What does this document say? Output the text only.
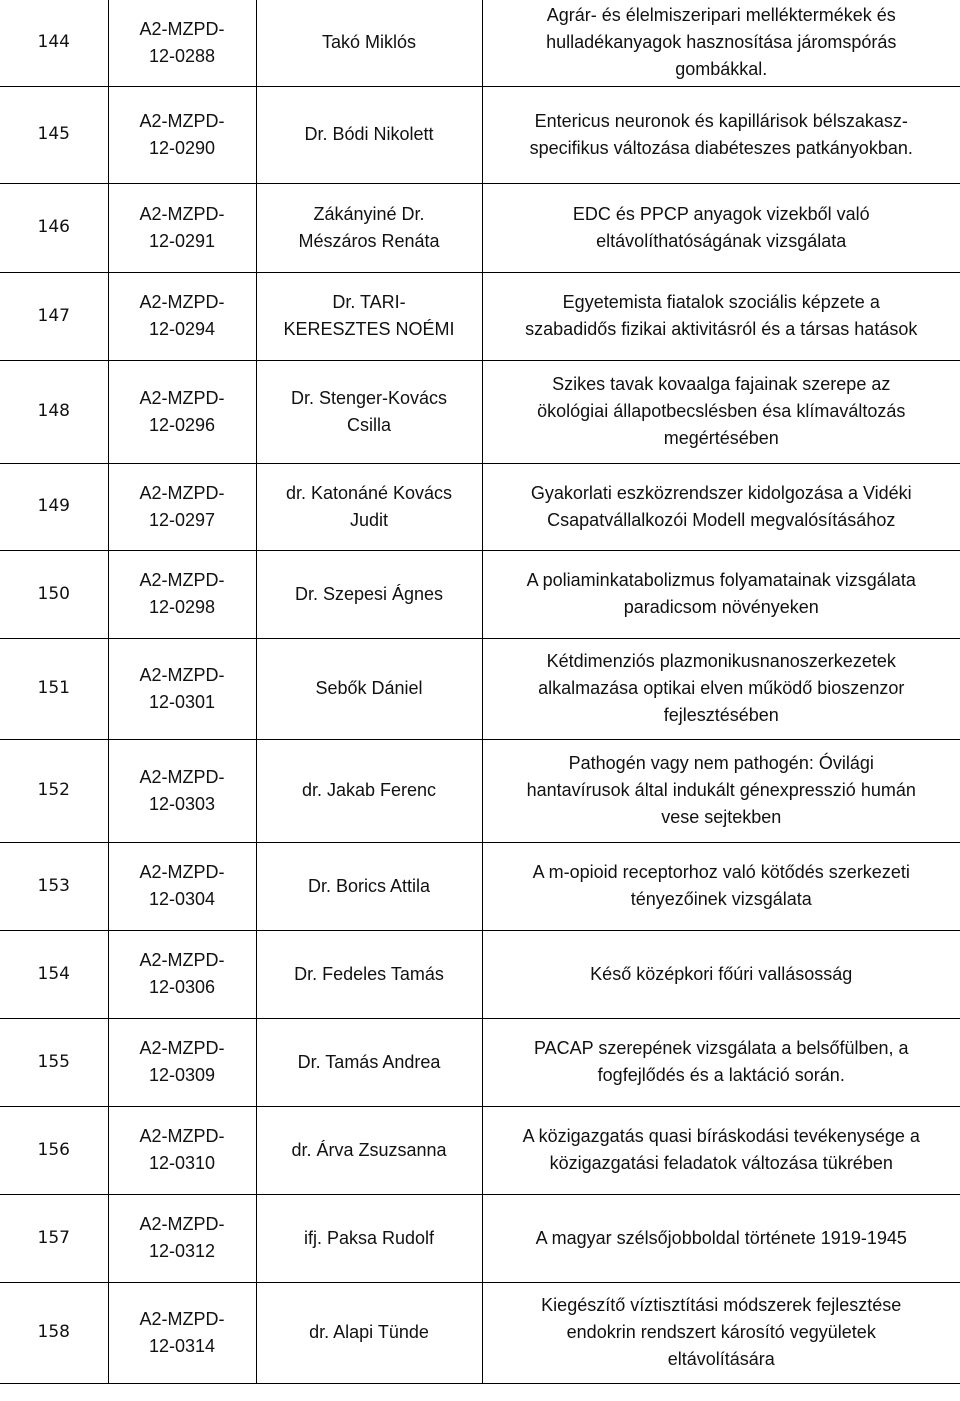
144	A2-MZPD-
12-0288	Takó Miklós	Agrár- és élelmiszeripari melléktermékek és
hulladékanyagok hasznosítása járomspórás
gombákkal.
145	A2-MZPD-
12-0290	Dr. Bódi Nikolett	Entericus neuronok és kapillárisok bélszakasz-
specifikus változása diabéteszes patkányokban.
146	A2-MZPD-
12-0291	Zákányiné Dr.
Mészáros Renáta	EDC és PPCP anyagok vizekből való
eltávolíthatóságának vizsgálata
147	A2-MZPD-
12-0294	Dr. TARI-
KERESZTES NOÉMI	Egyetemista fiatalok szociális képzete a
szabadidős fizikai aktivitásról és a társas hatások
148	A2-MZPD-
12-0296	Dr. Stenger-Kovács
Csilla	Szikes tavak kovaalga fajainak szerepe az
ökológiai állapotbecslésben ésa klímaváltozás
megértésében
149	A2-MZPD-
12-0297	dr. Katonáné Kovács
Judit	Gyakorlati eszközrendszer kidolgozása a Vidéki
Csapatvállalkozói Modell megvalósításához
150	A2-MZPD-
12-0298	Dr. Szepesi Ágnes	A poliaminkatabolizmus folyamatainak vizsgálata
paradicsom növényeken
151	A2-MZPD-
12-0301	Sebők Dániel	Kétdimenziós plazmonikusnanoszerkezetek
alkalmazása optikai elven működő bioszenzor
fejlesztésében
152	A2-MZPD-
12-0303	dr. Jakab Ferenc	Pathogén vagy nem pathogén: Óvilági
hantavírusok által indukált génexpresszió humán
vese sejtekben
153	A2-MZPD-
12-0304	Dr. Borics Attila	A m-opioid receptorhoz való kötődés szerkezeti
tényezőinek vizsgálata
154	A2-MZPD-
12-0306	Dr. Fedeles Tamás	Késő középkori főúri vallásosság
155	A2-MZPD-
12-0309	Dr. Tamás Andrea	PACAP szerepének vizsgálata a belsőfülben, a
fogfejlődés és a laktáció során.
156	A2-MZPD-
12-0310	dr. Árva Zsuzsanna	A közigazgatás quasi bíráskodási tevékenysége a
közigazgatási feladatok változása tükrében
157	A2-MZPD-
12-0312	ifj. Paksa Rudolf	A magyar szélsőjobboldal története 1919-1945
158	A2-MZPD-
12-0314	dr. Alapi Tünde	Kiegészítő víztisztítási módszerek fejlesztése
endokrin rendszert károsító vegyületek
eltávolítására
